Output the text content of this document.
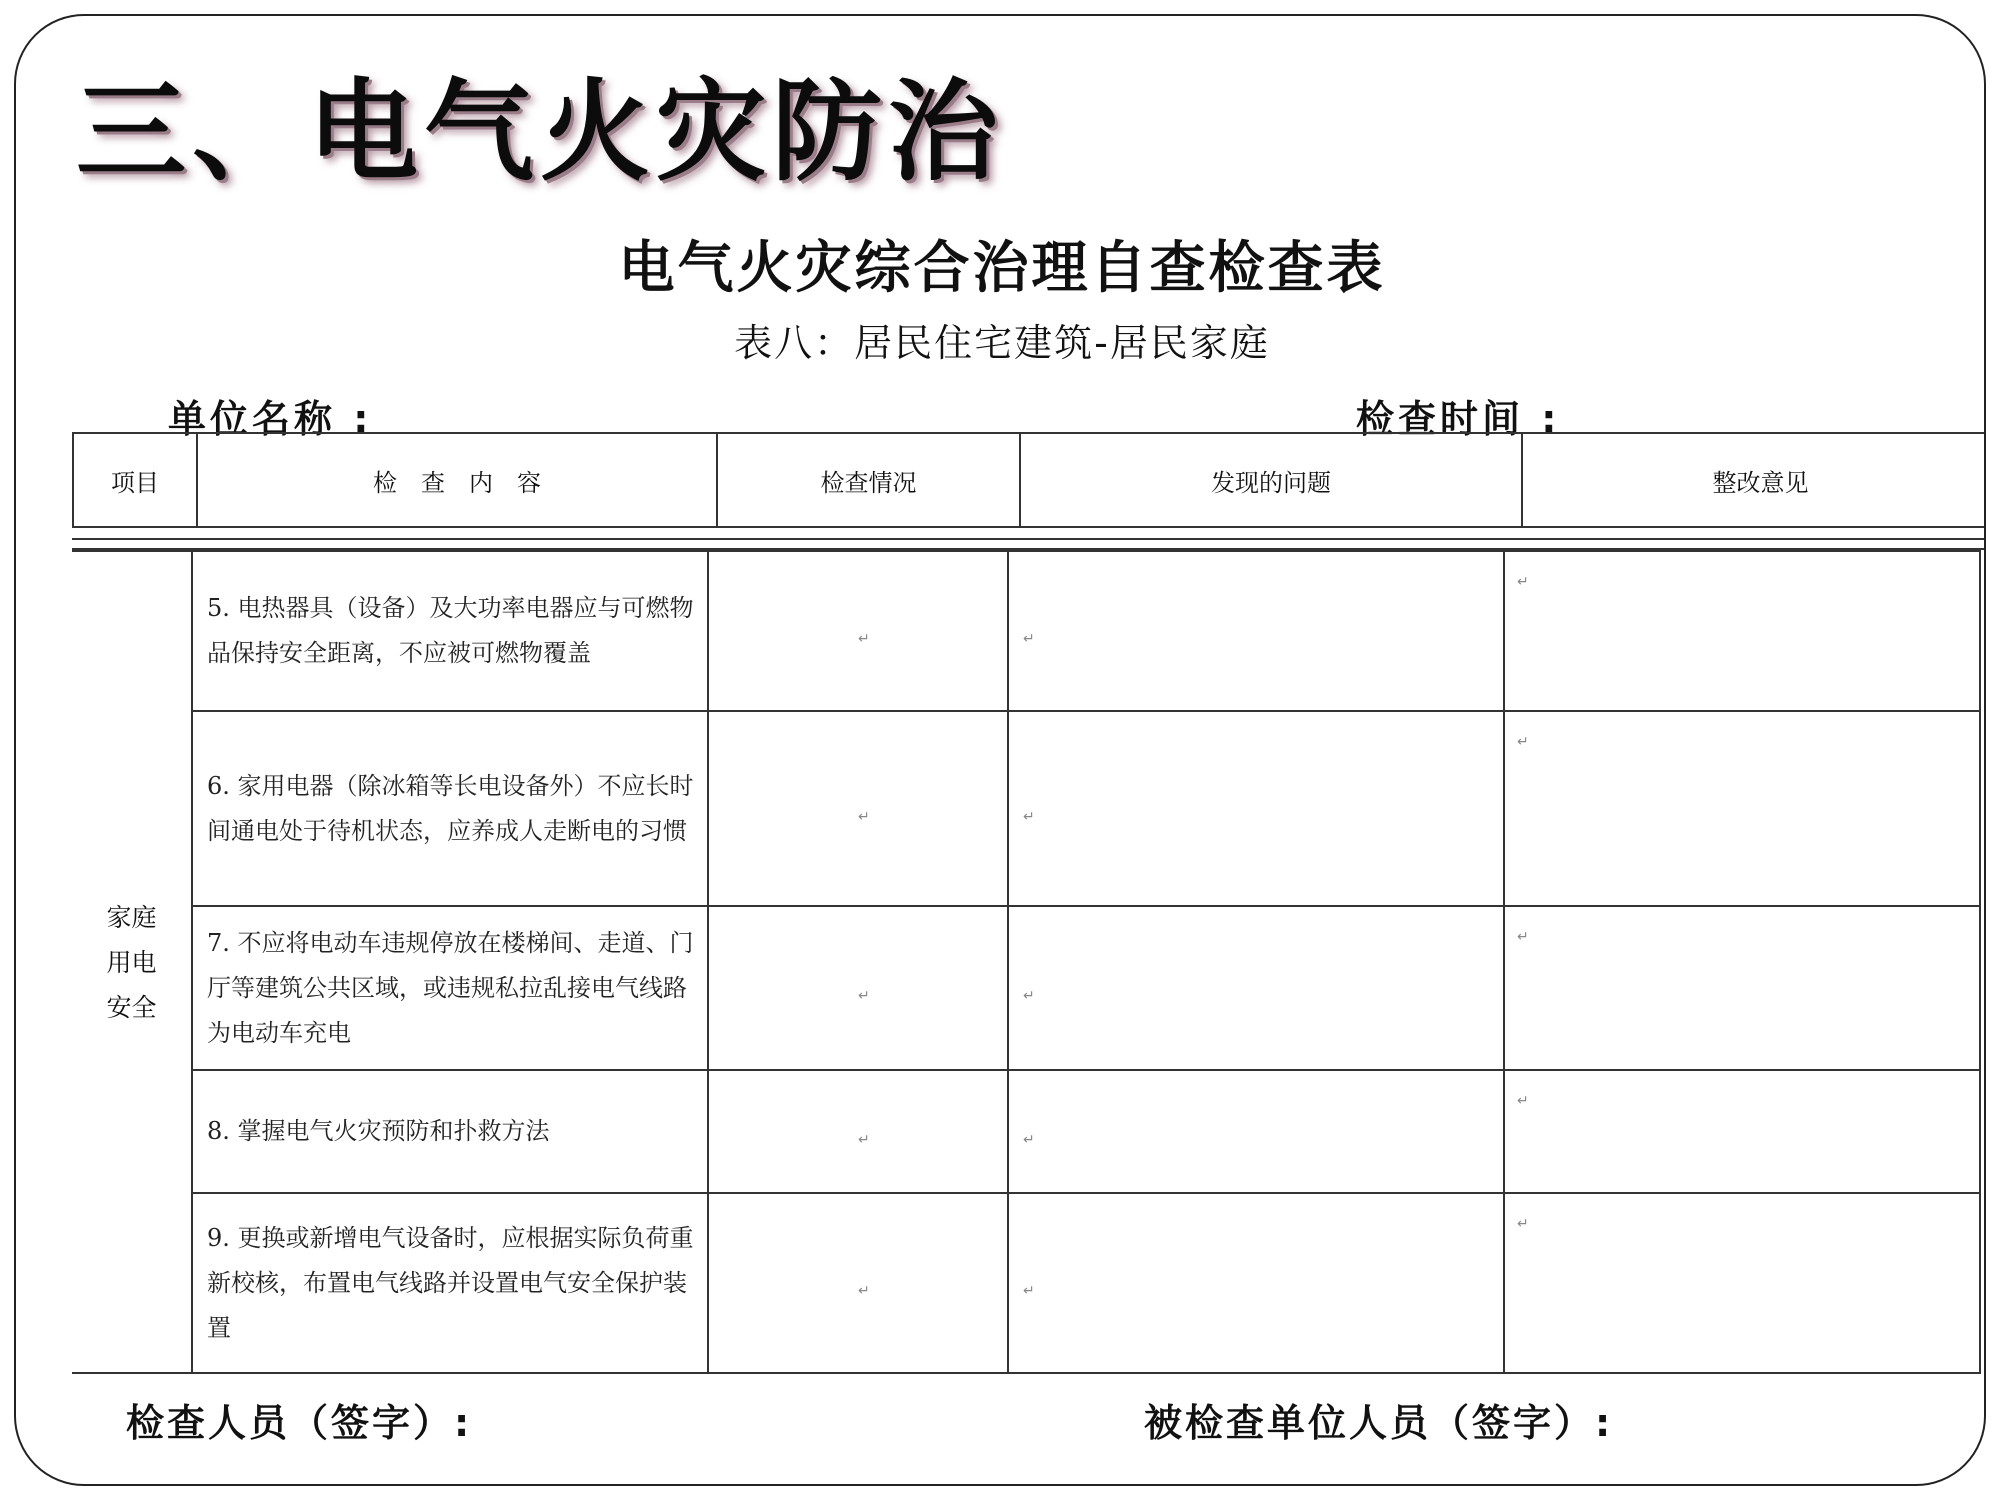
三、电气火灾防治
电气火灾综合治理自查检查表
表八：居民住宅建筑-居民家庭
单位名称 :	检查时间 :
项目	检　查　内　容	检查情况	发现的问题	整改意见
家庭
用电
安全	5. 电热器具（设备）及大功率电器应与可燃物品保持安全距离，不应被可燃物覆盖	↵	↵	↵

	6. 家用电器（除冰箱等长电设备外）不应长时间通电处于待机状态，应养成人走断电的习惯	↵	↵	↵

	7. 不应将电动车违规停放在楼梯间、走道、门厅等建筑公共区域，或违规私拉乱接电气线路为电动车充电	↵	↵	↵

	8. 掌握电气火灾预防和扑救方法	↵	↵	↵

	9. 更换或新增电气设备时，应根据实际负荷重新校核，布置电气线路并设置电气安全保护装置	↵	↵	↵
检查人员（签字）:	被检查单位人员（签字）:
